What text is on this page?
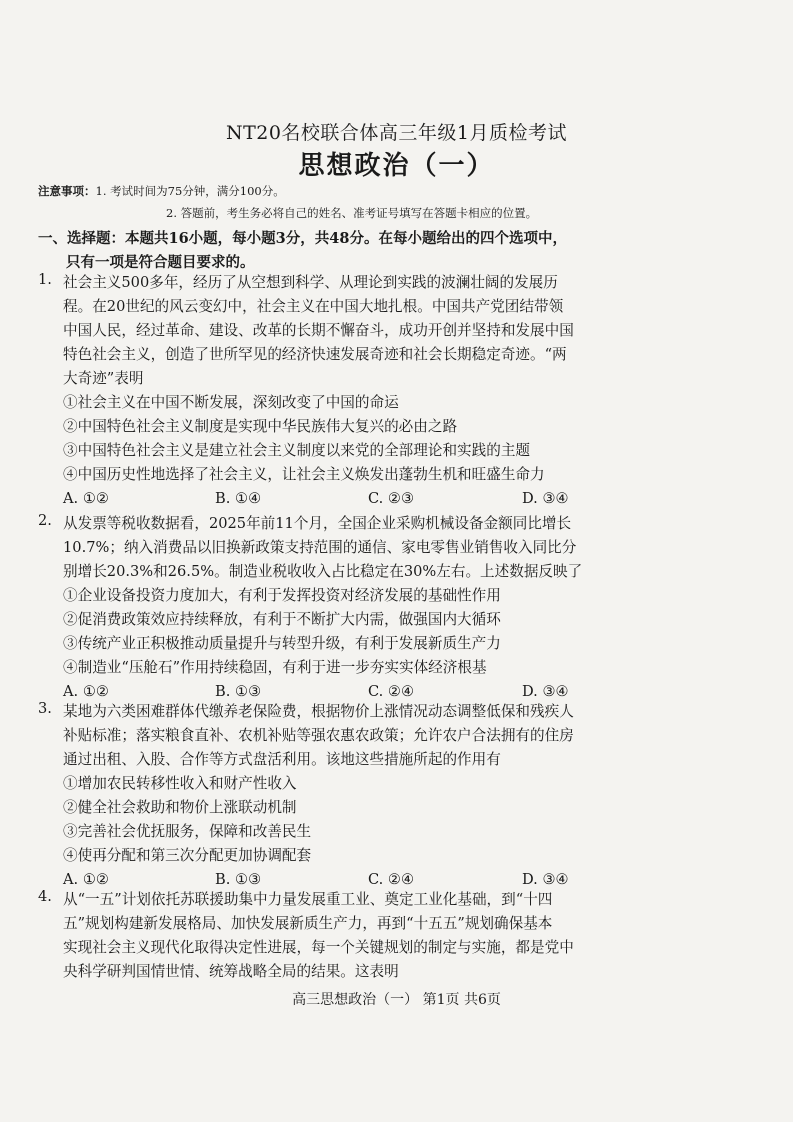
NT20名校联合体高三年级1月质检考试
思想政治（一）
注意事项：1. 考试时间为75分钟，满分100分。
2. 答题前，考生务必将自己的姓名、准考证号填写在答题卡相应的位置。
一、选择题：本题共16小题，每小题3分，共48分。在每小题给出的四个选项中，
只有一项是符合题目要求的。
1. 社会主义500多年，经历了从空想到科学、从理论到实践的波澜壮阔的发展历
程。在20世纪的风云变幻中，社会主义在中国大地扎根。中国共产党团结带领
中国人民，经过革命、建设、改革的长期不懈奋斗，成功开创并坚持和发展中国
特色社会主义，创造了世所罕见的经济快速发展奇迹和社会长期稳定奇迹。“两
大奇迹”表明
①社会主义在中国不断发展，深刻改变了中国的命运
②中国特色社会主义制度是实现中华民族伟大复兴的必由之路
③中国特色社会主义是建立社会主义制度以来党的全部理论和实践的主题
④中国历史性地选择了社会主义，让社会主义焕发出蓬勃生机和旺盛生命力
A. ①②	B. ①④	C. ②③	D. ③④
2. 从发票等税收数据看，2025年前11个月，全国企业采购机械设备金额同比增长
10.7%；纳入消费品以旧换新政策支持范围的通信、家电零售业销售收入同比分
别增长20.3%和26.5%。制造业税收收入占比稳定在30%左右。上述数据反映了
①企业设备投资力度加大，有利于发挥投资对经济发展的基础性作用
②促消费政策效应持续释放，有利于不断扩大内需，做强国内大循环
③传统产业正积极推动质量提升与转型升级，有利于发展新质生产力
④制造业“压舱石”作用持续稳固，有利于进一步夯实实体经济根基
A. ①②	B. ①③	C. ②④	D. ③④
3. 某地为六类困难群体代缴养老保险费，根据物价上涨情况动态调整低保和残疾人
补贴标准；落实粮食直补、农机补贴等强农惠农政策；允许农户合法拥有的住房
通过出租、入股、合作等方式盘活利用。该地这些措施所起的作用有
①增加农民转移性收入和财产性收入
②健全社会救助和物价上涨联动机制
③完善社会优抚服务，保障和改善民生
④使再分配和第三次分配更加协调配套
A. ①②	B. ①③	C. ②④	D. ③④
4. 从“一五”计划依托苏联援助集中力量发展重工业、奠定工业化基础，到“十四
五”规划构建新发展格局、加快发展新质生产力，再到“十五五”规划确保基本
实现社会主义现代化取得决定性进展，每一个关键规划的制定与实施，都是党中
央科学研判国情世情、统筹战略全局的结果。这表明
高三思想政治（一） 第1页 共6页
